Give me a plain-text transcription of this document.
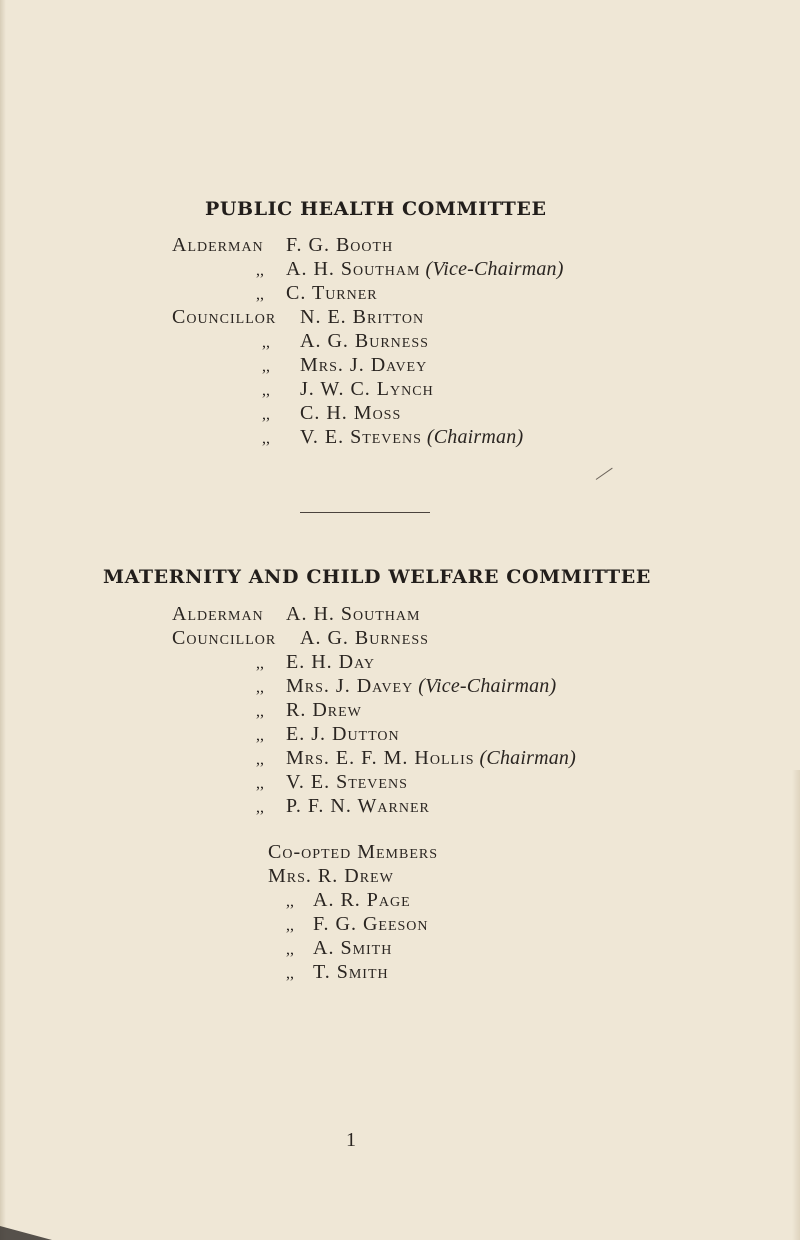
PUBLIC HEALTH COMMITTEE
Alderman F. G. Booth
,, A. H. Southam (Vice-Chairman)
,, C. Turner
Councillor N. E. Britton
,, A. G. Burness
,, Mrs. J. Davey
,, J. W. C. Lynch
,, C. H. Moss
,, V. E. Stevens (Chairman)
MATERNITY AND CHILD WELFARE COMMITTEE
Alderman A. H. Southam
Councillor A. G. Burness
,, E. H. Day
,, Mrs. J. Davey (Vice-Chairman)
,, R. Drew
,, E. J. Dutton
,, Mrs. E. F. M. Hollis (Chairman)
,, V. E. Stevens
,, P. F. N. Warner
Co-opted Members
Mrs. R. Drew
,, A. R. Page
,, F. G. Geeson
,, A. Smith
,, T. Smith
1
